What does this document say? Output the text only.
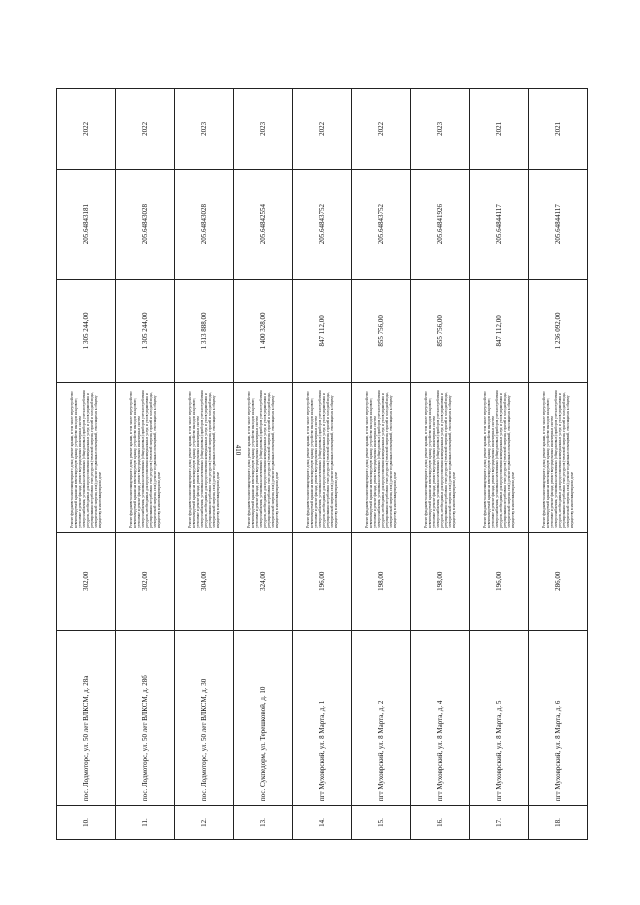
410
10.
пос. Лодмоторс, ул. 50 лет ВЛКСМ, д. 28а
302,00
Ремонт фундамента многоквартирного дома; ремонт крыши, в том числе переустройство невентилируемой крыши на вентилируемую крышу, устройство выходов на кровлю; утепление и ремонт фасада; ремонт внутридомовых инженерных систем электроснабжения, установка коллективных (общедомовых) приборов учета потребления ресурсов, необходимых для предоставления коммунальных услуг, и узлов управления и регулирования потребления этих ресурсов (тепловой энергии, горячей и холодной воды, электрической энергии, газа); ремонт подвальных помещений, относящихся к общему имуществу в многоквартирном доме
1 305 244,00
205.64843181
2022
11.
пос. Лодмоторс, ул. 50 лет ВЛКСМ, д. 28б
302,00
Ремонт фундамента многоквартирного дома; ремонт крыши, в том числе переустройство невентилируемой крыши на вентилируемую крышу, устройство выходов на кровлю; утепление и ремонт фасада; ремонт внутридомовых инженерных систем электроснабжения, установка коллективных (общедомовых) приборов учета потребления ресурсов, необходимых для предоставления коммунальных услуг, и узлов управления и регулирования потребления этих ресурсов (тепловой энергии, горячей и холодной воды, электрической энергии, газа); ремонт подвальных помещений, относящихся к общему имуществу в многоквартирном доме
1 305 244,00
205.64843028
2022
12.
пос. Лодмоторс, ул. 50 лет ВЛКСМ, д. 30
304,00
Ремонт фундамента многоквартирного дома; ремонт крыши, в том числе переустройство невентилируемой крыши на вентилируемую крышу, устройство выходов на кровлю; утепление и ремонт фасада; ремонт внутридомовых инженерных систем электроснабжения, установка коллективных (общедомовых) приборов учета потребления ресурсов, необходимых для предоставления коммунальных услуг, и узлов управления и регулирования потребления этих ресурсов (тепловой энергии, горячей и холодной воды, электрической энергии, газа); ремонт подвальных помещений, относящихся к общему имуществу в многоквартирном доме
1 313 888,00
205.64843028
2023
13.
пос. Сукпедорм, ул. Терешковой, д. 10
324,00
Ремонт фундамента многоквартирного дома; ремонт крыши, в том числе переустройство невентилируемой крыши на вентилируемую крышу, устройство выходов на кровлю; утепление и ремонт фасада; ремонт внутридомовых инженерных систем электроснабжения, установка коллективных (общедомовых) приборов учета потребления ресурсов, необходимых для предоставления коммунальных услуг, и узлов управления и регулирования потребления этих ресурсов (тепловой энергии, горячей и холодной воды, электрической энергии, газа); ремонт подвальных помещений, относящихся к общему имуществу в многоквартирном доме
1 400 328,00
205.64842554
2023
14.
пгт Муховрский, ул. 8 Марта, д. 1
196,00
Ремонт фундамента многоквартирного дома; ремонт крыши, в том числе переустройство невентилируемой крыши на вентилируемую крышу, устройство выходов на кровлю; утепление и ремонт фасада; ремонт внутридомовых инженерных систем электроснабжения, установка коллективных (общедомовых) приборов учета потребления ресурсов, необходимых для предоставления коммунальных услуг, и узлов управления и регулирования потребления этих ресурсов (тепловой энергии, горячей и холодной воды, электрической энергии, газа); ремонт подвальных помещений, относящихся к общему имуществу в многоквартирном доме
847 112,00
205.64843752
2022
15.
пгт Муховрский, ул. 8 Марта, д. 2
198,00
Ремонт фундамента многоквартирного дома; ремонт крыши, в том числе переустройство невентилируемой крыши на вентилируемую крышу, устройство выходов на кровлю; утепление и ремонт фасада; ремонт внутридомовых инженерных систем электроснабжения, установка коллективных (общедомовых) приборов учета потребления ресурсов, необходимых для предоставления коммунальных услуг, и узлов управления и регулирования потребления этих ресурсов (тепловой энергии, горячей и холодной воды, электрической энергии, газа); ремонт подвальных помещений, относящихся к общему имуществу в многоквартирном доме
855 756,00
205.64843752
2022
16.
пгт Муховрский, ул. 8 Марта, д. 4
198,00
Ремонт фундамента многоквартирного дома; ремонт крыши, в том числе переустройство невентилируемой крыши на вентилируемую крышу, устройство выходов на кровлю; утепление и ремонт фасада; ремонт внутридомовых инженерных систем электроснабжения, установка коллективных (общедомовых) приборов учета потребления ресурсов, необходимых для предоставления коммунальных услуг, и узлов управления и регулирования потребления этих ресурсов (тепловой энергии, горячей и холодной воды, электрической энергии, газа); ремонт подвальных помещений, относящихся к общему имуществу в многоквартирном доме
855 756,00
205.64841926
2023
17.
пгт Муховрский, ул. 8 Марта, д. 5
196,00
Ремонт фундамента многоквартирного дома; ремонт крыши, в том числе переустройство невентилируемой крыши на вентилируемую крышу, устройство выходов на кровлю; утепление и ремонт фасада; ремонт внутридомовых инженерных систем электроснабжения, установка коллективных (общедомовых) приборов учета потребления ресурсов, необходимых для предоставления коммунальных услуг, и узлов управления и регулирования потребления этих ресурсов (тепловой энергии, горячей и холодной воды, электрической энергии, газа); ремонт подвальных помещений, относящихся к общему имуществу в многоквартирном доме
847 112,00
205.64844117
2021
18.
пгт Муховрский, ул. 8 Марта, д. 6
286,00
Ремонт фундамента многоквартирного дома; ремонт крыши, в том числе переустройство невентилируемой крыши на вентилируемую крышу, устройство выходов на кровлю; утепление и ремонт фасада; ремонт внутридомовых инженерных систем электроснабжения, установка коллективных (общедомовых) приборов учета потребления ресурсов, необходимых для предоставления коммунальных услуг, и узлов управления и регулирования потребления этих ресурсов (тепловой энергии, горячей и холодной воды, электрической энергии, газа); ремонт подвальных помещений, относящихся к общему имуществу в многоквартирном доме
1 236 092,00
205.64844117
2021
